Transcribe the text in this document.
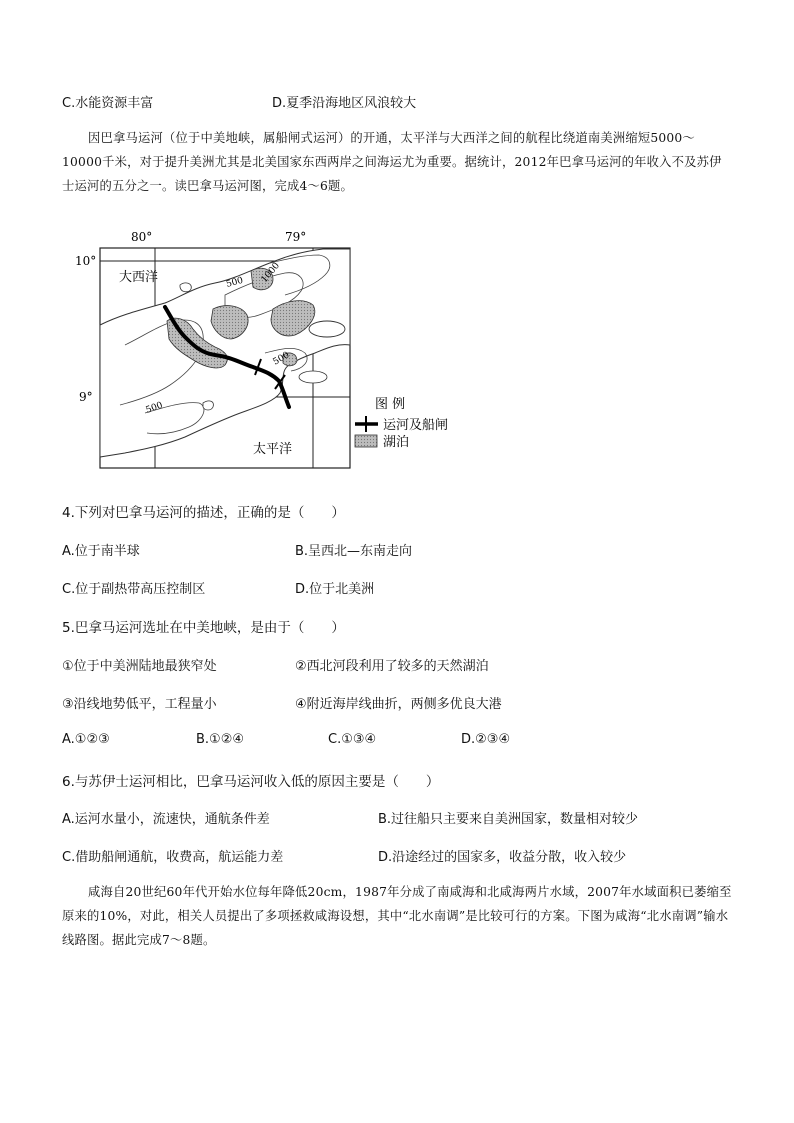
C.水能资源丰富	D.夏季沿海地区风浪较大
因巴拿马运河（位于中美地峡，属船闸式运河）的开通，太平洋与大西洋之间的航程比绕道南美洲缩短5000～10000千米，对于提升美洲尤其是北美国家东西两岸之间海运尤为重要。据统计，2012年巴拿马运河的年收入不及苏伊士运河的五分之一。读巴拿马运河图，完成4～6题。
80°	79°
10°
9°
大西洋
太平洋
500 1000
500
500	图 例
运河及船闸
湖泊
4.下列对巴拿马运河的描述，正确的是（　　）
A.位于南半球	B.呈西北—东南走向
C.位于副热带高压控制区	D.位于北美洲
5.巴拿马运河选址在中美地峡，是由于（　　）
①位于中美洲陆地最狭窄处	②西北河段利用了较多的天然湖泊
③沿线地势低平，工程量小	④附近海岸线曲折，两侧多优良大港
A.①②③	B.①②④	C.①③④	D.②③④
6.与苏伊士运河相比，巴拿马运河收入低的原因主要是（　　）
A.运河水量小，流速快，通航条件差	B.过往船只主要来自美洲国家，数量相对较少
C.借助船闸通航，收费高，航运能力差	D.沿途经过的国家多，收益分散，收入较少
咸海自20世纪60年代开始水位每年降低20cm，1987年分成了南咸海和北咸海两片水域，2007年水域面积已萎缩至原来的10%，对此，相关人员提出了多项拯救咸海设想，其中“北水南调”是比较可行的方案。下图为咸海“北水南调”输水线路图。据此完成7～8题。
